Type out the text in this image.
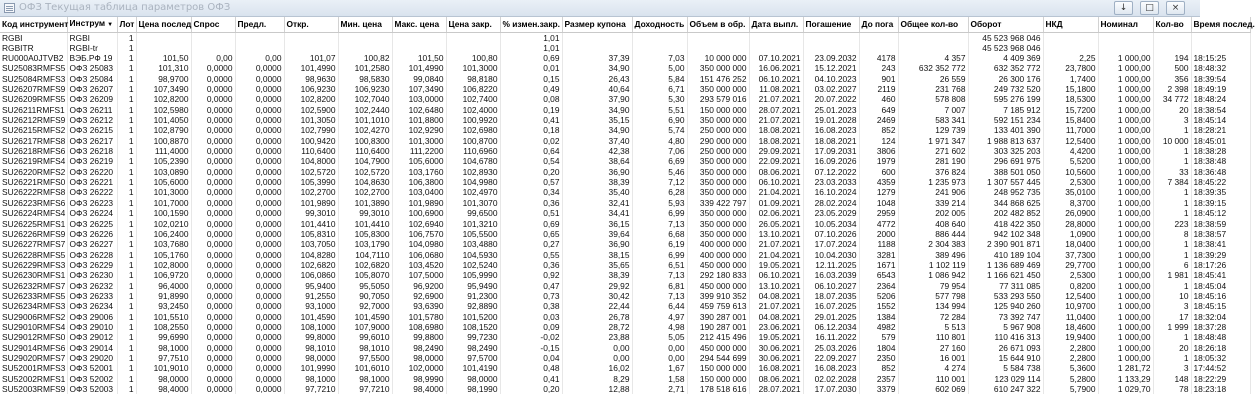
ОФЗ Текущая таблица параметров ОФЗ	↓	□	×
Код инструмент	Инструм ▼	Лот	Цена послед	Спрос	Предл.	Откр.	Мин. цена	Макс. цена	Цена закр.	% измен.закр.	Размер купона	Доходность	Объем в обр.	Дата выпл.	Погашение	До пога	Общее кол-во	Оборот	НКД	Номинал	Кол-во	Время послед.
RGBI	RGBI	1								1,01								45 523 968 046				
RGBITR	RGBI-tr	1								1,01								45 523 968 046				
RU000A0JTVB2	ВЭБ.РФ 19	1	101,50	0,00	0,00	101,07	100,82	101,50	100,80	0,69	37,39	7,03	10 000 000	07.10.2021	23.09.2032	4178	4 357	4 409 369	2,25	1 000,00	194	18:15:25
SU25083RMFS5	ОФЗ 25083	1	101,310	0,0000	0,0000	101,4990	101,2580	101,4990	101,3000	0,01	34,90	5,00	350 000 000	16.06.2021	15.12.2021	243	632 352 772	632 352 772	23,7800	1 000,00	500	18:48:32
SU25084RMFS3	ОФЗ 25084	1	98,9700	0,0000	0,0000	98,9630	98,5830	99,0840	98,8180	0,15	26,43	5,84	151 476 252	06.10.2021	04.10.2023	901	26 559	26 300 176	1,7400	1 000,00	356	18:39:54
SU26207RMFS9	ОФЗ 26207	1	107,3490	0,0000	0,0000	106,9230	106,9230	107,3490	106,8220	0,49	40,64	6,71	350 000 000	11.08.2021	03.02.2027	2119	231 768	249 732 520	15,1800	1 000,00	2 398	18:49:19
SU26209RMFS5	ОФЗ 26209	1	102,8200	0,0000	0,0000	102,8200	102,7040	103,0000	102,7400	0,08	37,90	5,30	293 579 016	21.07.2021	20.07.2022	460	578 808	595 276 199	18,5300	1 000,00	34 772	18:48:24
SU26211RMFS1	ОФЗ 26211	1	102,5980	0,0000	0,0000	102,5900	102,2440	102,6480	102,4000	0,19	34,90	5,51	150 000 000	28.07.2021	25.01.2023	649	7 007	7 185 912	15,7200	1 000,00	20	18:38:54
SU26212RMFS9	ОФЗ 26212	1	101,4050	0,0000	0,0000	101,3050	101,1010	101,8800	100,9920	0,41	35,15	6,90	350 000 000	21.07.2021	19.01.2028	2469	583 341	592 151 234	15,8400	1 000,00	3	18:45:14
SU26215RMFS2	ОФЗ 26215	1	102,8790	0,0000	0,0000	102,7990	102,4270	102,9290	102,6980	0,18	34,90	5,74	250 000 000	18.08.2021	16.08.2023	852	129 739	133 401 390	11,7000	1 000,00	1	18:28:21
SU26217RMFS8	ОФЗ 26217	1	100,8870	0,0000	0,0000	100,9420	100,8300	101,3000	100,8700	0,02	37,40	4,80	290 000 000	18.08.2021	18.08.2021	124	1 971 347	1 988 813 637	12,5400	1 000,00	10 000	18:45:01
SU26218RMFS6	ОФЗ 26218	1	111,4000	0,0000	0,0000	110,6400	110,6400	111,2200	110,6960	0,64	42,38	7,06	250 000 000	29.09.2021	17.09.2031	3806	271 602	303 325 203	4,4200	1 000,00	1	18:38:28
SU26219RMFS4	ОФЗ 26219	1	105,2390	0,0000	0,0000	104,8000	104,7900	105,6000	104,6780	0,54	38,64	6,69	350 000 000	22.09.2021	16.09.2026	1979	281 190	296 691 975	5,5200	1 000,00	1	18:38:48
SU26220RMFS2	ОФЗ 26220	1	103,0890	0,0000	0,0000	102,5720	102,5720	103,1760	102,8930	0,20	36,90	5,46	350 000 000	08.06.2021	07.12.2022	600	376 824	388 501 050	10,5600	1 000,00	33	18:36:48
SU26221RMFS0	ОФЗ 26221	1	105,6000	0,0000	0,0000	105,3990	104,8630	106,3800	104,9980	0,57	38,39	7,12	350 000 000	06.10.2021	23.03.2033	4359	1 235 973	1 307 557 445	2,5300	1 000,00	7 384	18:45:22
SU26222RMFS8	ОФЗ 26222	1	101,3000	0,0000	0,0000	102,2700	102,2700	103,0400	102,4970	0,34	35,40	6,28	350 000 000	21.04.2021	16.10.2024	1279	241 906	248 952 735	35,0100	1 000,00	1	18:39:35
SU26223RMFS6	ОФЗ 26223	1	101,7000	0,0000	0,0000	101,9890	101,3890	101,9890	101,3070	0,36	32,41	5,93	339 422 797	01.09.2021	28.02.2024	1048	339 214	344 868 625	8,3700	1 000,00	1	18:39:15
SU26224RMFS4	ОФЗ 26224	1	100,1590	0,0000	0,0000	99,3010	99,3010	100,6900	99,6500	0,51	34,41	6,99	350 000 000	02.06.2021	23.05.2029	2959	202 005	202 482 852	26,0900	1 000,00	1	18:45:12
SU26225RMFS1	ОФЗ 26225	1	102,0210	0,0000	0,0000	101,4410	101,4410	102,6940	101,3210	0,69	36,15	7,13	350 000 000	26.05.2021	10.05.2034	4772	408 640	418 422 350	28,8000	1 000,00	223	18:38:59
SU26226RMFS9	ОФЗ 26226	1	106,2400	0,0000	0,0000	105,8310	105,8300	106,7570	105,5500	0,65	39,64	6,68	350 000 000	13.10.2021	07.10.2026	2000	886 444	942 102 348	1,0900	1 000,00	8	18:38:57
SU26227RMFS7	ОФЗ 26227	1	103,7680	0,0000	0,0000	103,7050	103,1790	104,0980	103,4880	0,27	36,90	6,19	400 000 000	21.07.2021	17.07.2024	1188	2 304 383	2 390 901 871	18,0400	1 000,00	1	18:38:41
SU26228RMFS5	ОФЗ 26228	1	105,1760	0,0000	0,0000	104,8280	104,7110	106,0680	104,5930	0,55	38,15	6,99	400 000 000	21.04.2021	10.04.2030	3281	389 496	410 189 104	37,7300	1 000,00	1	18:39:29
SU26229RMFS3	ОФЗ 26229	1	102,8000	0,0000	0,0000	102,6820	102,6820	103,4520	102,5240	0,36	35,65	6,51	450 000 000	19.05.2021	12.11.2025	1671	1 102 119	1 136 689 469	29,7700	1 000,00	6	18:17:26
SU26230RMFS1	ОФЗ 26230	1	106,9720	0,0000	0,0000	106,0860	105,8070	107,5000	105,9990	0,92	38,39	7,13	292 180 833	06.10.2021	16.03.2039	6543	1 086 942	1 166 621 450	2,5300	1 000,00	1 981	18:45:41
SU26232RMFS7	ОФЗ 26232	1	96,4000	0,0000	0,0000	95,9400	95,5050	96,9200	95,9490	0,47	29,92	6,81	450 000 000	13.10.2021	06.10.2027	2364	79 954	77 311 085	0,8200	1 000,00	1	18:45:04
SU26233RMFS5	ОФЗ 26233	1	91,8990	0,0000	0,0000	91,2550	90,7050	92,6900	91,2300	0,73	30,42	7,13	399 910 352	04.08.2021	18.07.2035	5206	577 798	533 293 550	12,5400	1 000,00	10	18:45:16
SU26234RMFS3	ОФЗ 26234	1	93,2450	0,0000	0,0000	93,1000	92,7000	93,6390	92,8890	0,38	22,44	6,44	459 759 613	21.07.2021	16.07.2025	1552	134 994	125 940 260	10,9700	1 000,00	3	18:45:15
SU29006RMFS2	ОФЗ 29006	1	101,5510	0,0000	0,0000	101,4590	101,4590	101,5780	101,5200	0,03	26,78	4,97	390 287 001	04.08.2021	29.01.2025	1384	72 284	73 392 747	11,0400	1 000,00	17	18:32:04
SU29010RMFS4	ОФЗ 29010	1	108,2550	0,0000	0,0000	108,1000	107,9000	108,6980	108,1520	0,09	28,72	4,98	190 287 001	23.06.2021	06.12.2034	4982	5 513	5 967 908	18,4600	1 000,00	1 999	18:37:28
SU29012RMFS0	ОФЗ 29012	1	99,6990	0,0000	0,0000	99,8000	99,6010	99,8800	99,7230	-0,02	23,88	5,05	212 415 496	19.05.2021	16.11.2022	579	110 801	110 416 313	19,9400	1 000,00	1	18:48:48
SU29014RMFS6	ОФЗ 29014	1	98,1000	0,0000	0,0000	98,1010	98,1010	98,2490	98,2490	-0,15	0,00	0,00	450 000 000	30.06.2021	25.03.2026	1804	27 160	26 671 093	2,2800	1 000,00	20	18:26:18
SU29020RMFS7	ОФЗ 29020	1	97,7510	0,0000	0,0000	98,0000	97,5500	98,0000	97,5700	0,04	0,00	0,00	294 544 699	30.06.2021	22.09.2027	2350	16 001	15 644 910	2,2800	1 000,00	1	18:05:32
SU52001RMFS3	ОФЗ 52001	1	101,9010	0,0000	0,0000	101,9990	101,6010	102,0000	101,4190	0,48	16,02	1,67	150 000 000	16.08.2021	16.08.2023	852	4 274	5 584 738	5,3600	1 281,72	3	17:44:52
SU52002RMFS1	ОФЗ 52002	1	98,0000	0,0000	0,0000	98,1000	98,1000	98,9990	98,0000	0,41	8,29	1,58	150 000 000	08.06.2021	02.02.2028	2357	110 001	123 029 114	5,2800	1 133,29	148	18:22:29
SU52003RMFS9	ОФЗ 52003	1	98,4000	0,0000	0,0000	97,7210	97,7210	98,4000	98,1990	0,20	12,88	2,71	178 518 616	28.07.2021	17.07.2030	3379	602 069	610 247 322	5,7900	1 029,70	78	18:23:18
